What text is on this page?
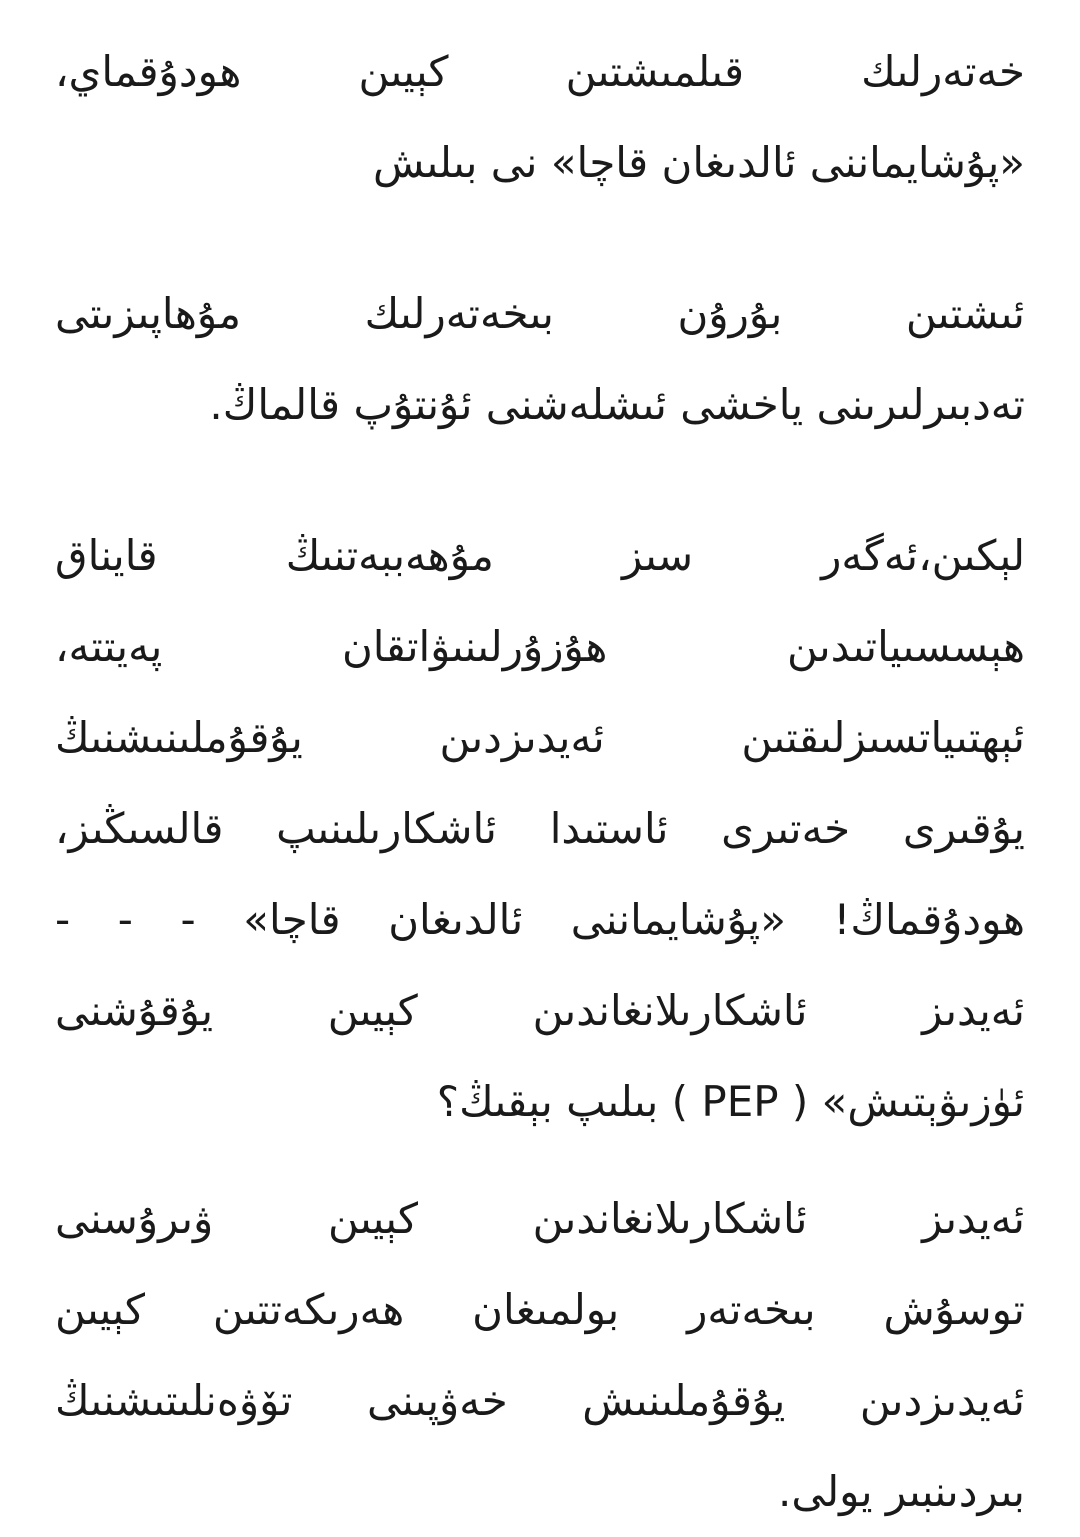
خەتەرلىك قىلمىشتىن كېيىن ھودۇقماي،
«پۇشايماننى ئالدىغان قاچا» نى بىلىش
ئىشتىن بۇرۇن بىخەتەرلىك مۇھاپىزىتى
تەدبىرلىرىنى ياخشى ئىشلەشنى ئۇنتۇپ قالماڭ.
لېكىن،ئەگەر سىز مۇھەببەتنىڭ قايناق
ھېسسىياتىدىن ھۇزۇرلىنىۋاتقان پەيتتە،
ئېھتىياتسىزلىقتىن ئەيدىزدىن يۇقۇملىنىشنىڭ
يۇقىرى خەتىرى ئاستىدا ئاشكارىلىنىپ قالسىڭىز،
ھودۇقماڭ! «پۇشايماننى ئالدىغان قاچا» - - -
ئەيدىز ئاشكارىلانغاندىن كېيىن يۇقۇشنى
ئۈزىۋېتىش» ( PEP ) بىلىپ بېقىڭ؟
ئەيدىز ئاشكارىلانغاندىن كېيىن ۋىرۇسنى
توسۇش بىخەتەر بولمىغان ھەرىكەتتىن كېيىن
ئەيدىزدىن يۇقۇملىنىش خەۋپىنى تۆۋەنلىتىشنىڭ
بىردىنبىر يولى.
